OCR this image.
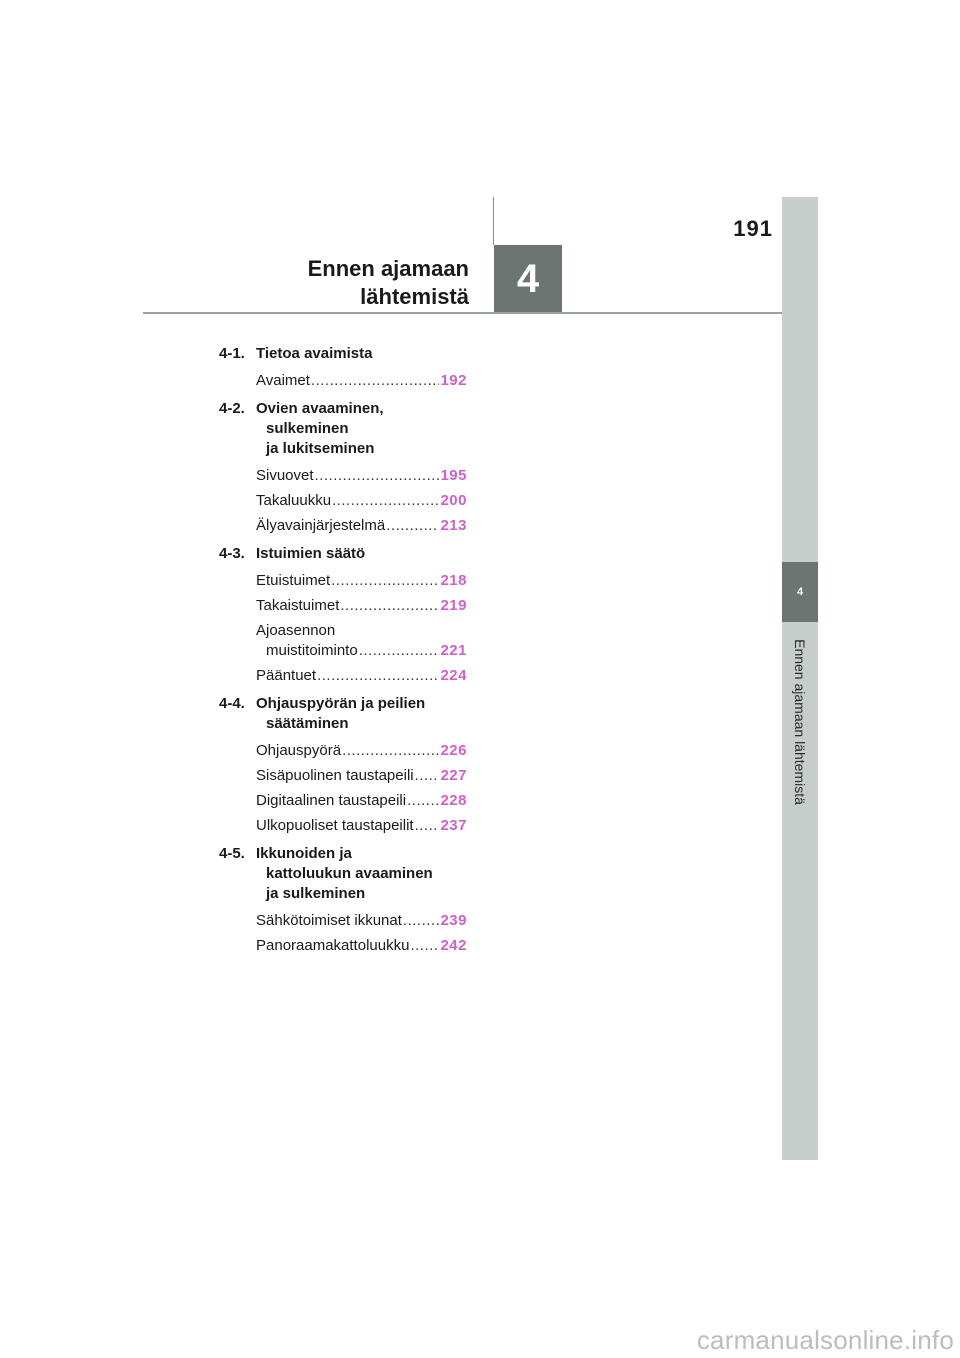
191
Ennen ajamaan
lähtemistä 4
4
Ennen ajamaan lähtemistä
4-1. Tietoa avaimista
Avaimet .....	192
4-2. Ovien avaaminen,
sulkeminen
ja lukitseminen
Sivuovet .....	195
Takaluukku .....	200
Älyavainjärjestelmä .....	213
4-3. Istuimien säätö
Etuistuimet .....	218
Takaistuimet .....	219
Ajoasennon
muistitoiminto .....	221
Pääntuet .....	224
4-4. Ohjauspyörän ja peilien
säätäminen
Ohjauspyörä .....	226
Sisäpuolinen taustapeili ..... 227
Digitaalinen taustapeili ..... 228
Ulkopuoliset taustapeilit ..... 237
4-5. Ikkunoiden ja
kattoluukun avaaminen
ja sulkeminen
Sähkötoimiset ikkunat .....	239
Panoraamakattoluukku ..... 242
carmanualsonline.info
